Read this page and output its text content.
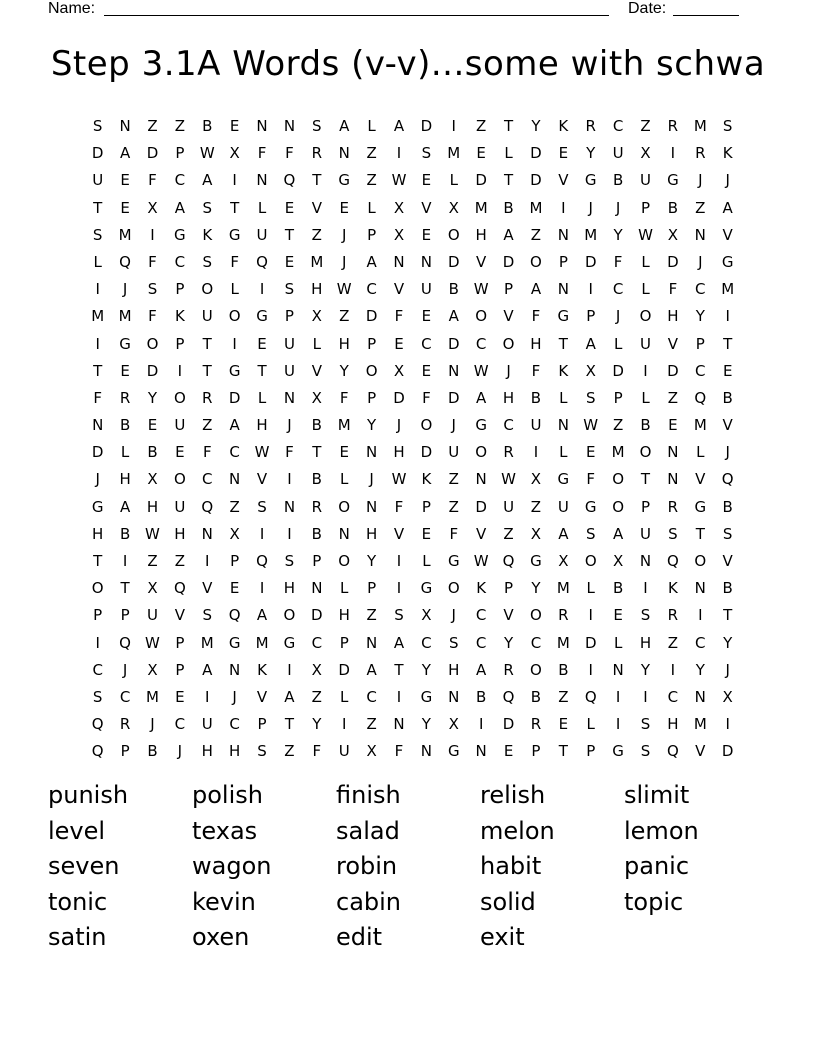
Name:	Date:
Step 3.1A Words (v-v)...some with schwa
S	N	Z	Z	B	E	N	N	S	A	L	A	D	I	Z	T	Y	K	R	C	Z	R	M	S
D	A	D	P	W X	F	F	R	N	Z	I	S	M	E	L	D	E	Y	U	X	I	R	K
U	E	F	C	A	I	N	Q	T	G	Z W	E	L	D	T	D	V	G	B	U	G	J	J
T	E	X	A	S	T	L	E	V	E	L	X	V	X	M	B	M	I	J	J	P	B	Z	A
S	M	I	G	K	G	U	T	Z	J	P	X	E	O	H	A	Z	N	M	Y	W X	N	V
L	Q	F	C	S	F	Q	E	M	J	A	N	N	D	V	D	O	P	D	F	L	D	J	G
I	J	S	P	O	L	I	S	H W C	V	U	B W	P	A	N	I	C	L	F	C	M
M M	F	K	U	O	G	P	X	Z	D	F	E	A	O	V	F	G	P	J	O	H	Y	I
I	G	O	P	T	I	E	U	L	H	P	E	C	D	C	O	H	T	A	L	U	V	P	T
T	E	D	I	T	G	T	U	V	Y	O	X	E	N W	J	F	K	X	D	I	D	C	E
F	R	Y	O	R	D	L	N	X	F	P	D	F	D	A	H	B	L	S	P	L	Z	Q	B
N	B	E	U	Z	A	H	J	B	M	Y	J	O	J	G	C	U	N W Z	B	E	M	V
D	L	B	E	F	C W	F	T	E	N	H	D	U	O	R	I	L	E	M	O	N	L	J
J	H	X	O	C	N	V	I	B	L	J	W	K	Z	N W X	G	F	O	T	N	V	Q
G	A	H	U	Q	Z	S	N	R	O	N	F	P	Z	D	U	Z	U	G	O	P	R	G	B
H	B W H	N	X	I	I	B	N	H	V	E	F	V	Z	X	A	S	A	U	S	T	S
T	I	Z	Z	I	P	Q	S	P	O	Y	I	L	G W Q	G	X	O	X	N	Q	O	V
O	T	X	Q	V	E	I	H	N	L	P	I	G	O	K	P	Y	M	L	B	I	K	N	B
P	P	U	V	S	Q	A	O	D	H	Z	S	X	J	C	V	O	R	I	E	S	R	I	T
I	Q W	P	M	G	M	G	C	P	N	A	C	S	C	Y	C	M	D	L	H	Z	C	Y
C	J	X	P	A	N	K	I	X	D	A	T	Y	H	A	R	O	B	I	N	Y	I	Y	J
S	C	M	E	I	J	V	A	Z	L	C	I	G	N	B	Q	B	Z	Q	I	I	C	N	X
Q	R	J	C	U	C	P	T	Y	I	Z	N	Y	X	I	D	R	E	L	I	S	H	M	I
Q	P	B	J	H	H	S	Z	F	U	X	F	N	G	N	E	P	T	P	G	S	Q	V	D
punish	polish	finish	relish	slimit
level	texas	salad	melon	lemon
seven	wagon	robin	habit	panic
tonic	kevin	cabin	solid	topic
satin	oxen	edit	exit
